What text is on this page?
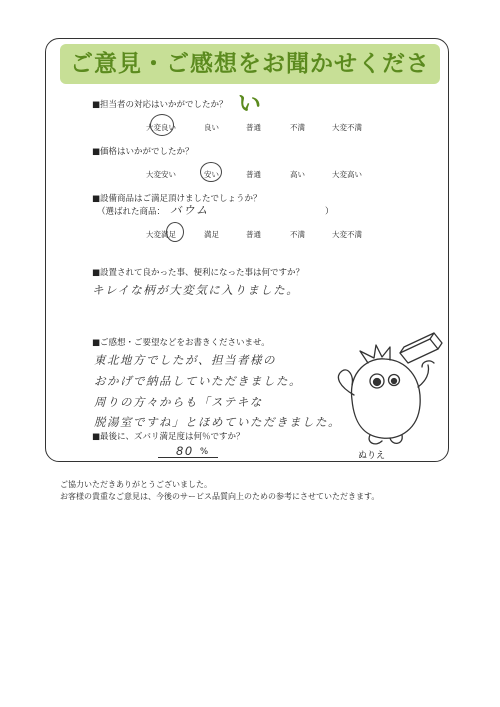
ご意見・ご感想をお聞かせください
■担当者の対応はいかがでしたか？
大変良い	良い	普通	不満	大変不満
■価格はいかがでしたか？
大変安い	安い	普通	高い	大変高い
■設備商品はご満足頂けましたでしょうか？
（選ばれた商品： バウム	）
大変満足	満足	普通	不満	大変不満
■設置されて良かった事、便利になった事は何ですか？
キレイな柄が大変気に入りました。
■ご感想・ご要望などをお書きくださいませ。
東北地方でしたが、担当者様の
おかげで納品していただきました。
周りの方々からも「ステキな
脱湯室ですね」とほめていただきました。
■最後に、ズバリ満足度は何％ですか？
80 %	ぬりえ
ご協力いただきありがとうございました。
お客様の貴重なご意見は、今後のサービス品質向上のための参考にさせていただきます。
